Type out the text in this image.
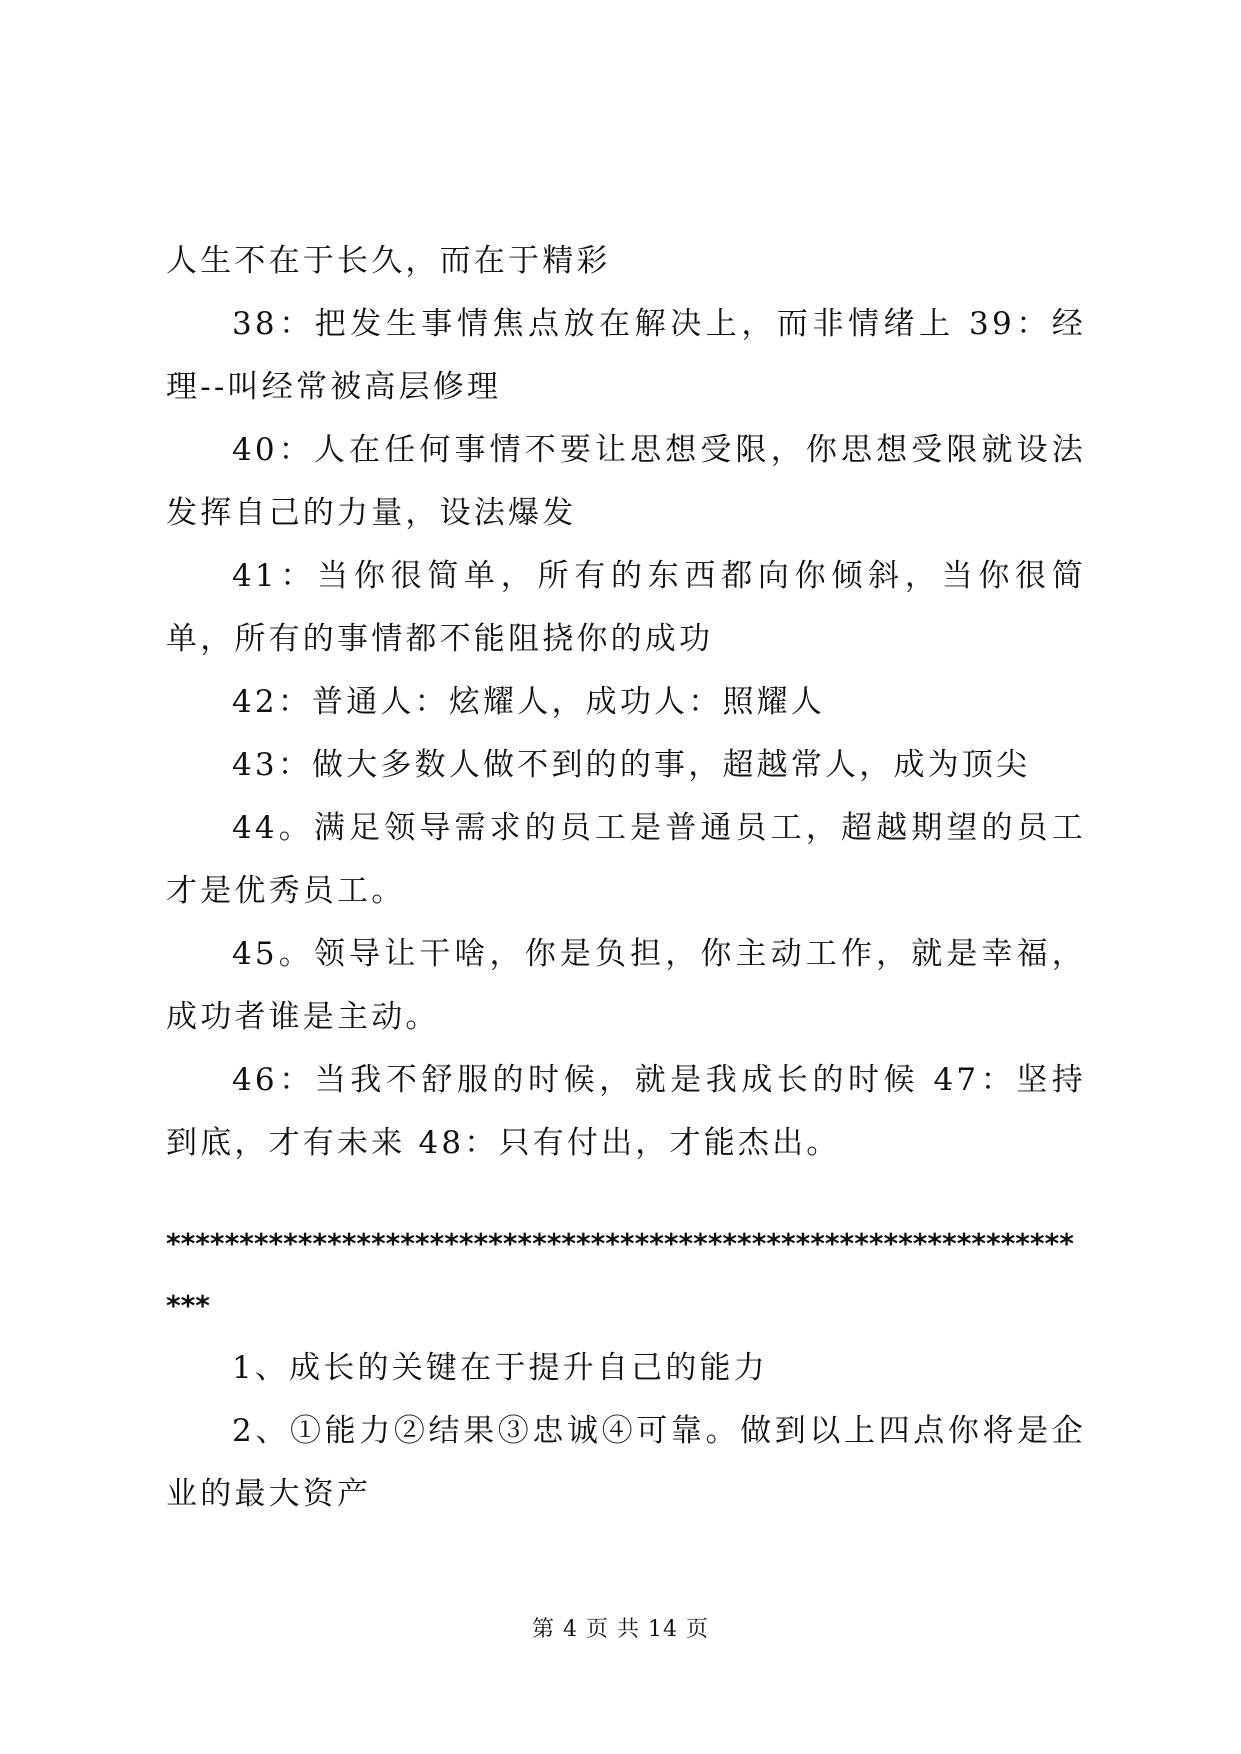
人生不在于长久，而在于精彩

38：把发生事情焦点放在解决上，而非情绪上 39：经理--叫经常被高层修理

40：人在任何事情不要让思想受限，你思想受限就设法发挥自己的力量，设法爆发

41：当你很简单，所有的东西都向你倾斜，当你很简单，所有的事情都不能阻挠你的成功

42：普通人：炫耀人，成功人：照耀人

43：做大多数人做不到的的事，超越常人，成为顶尖

44。满足领导需求的员工是普通员工，超越期望的员工才是优秀员工。

45。领导让干啥，你是负担，你主动工作，就是幸福，成功者谁是主动。

46：当我不舒服的时候，就是我成长的时候 47：坚持到底，才有未来 48：只有付出，才能杰出。

*****************************************************************

1、成长的关键在于提升自己的能力

2、①能力②结果③忠诚④可靠。做到以上四点你将是企业的最大资产

第 4 页 共 14 页
